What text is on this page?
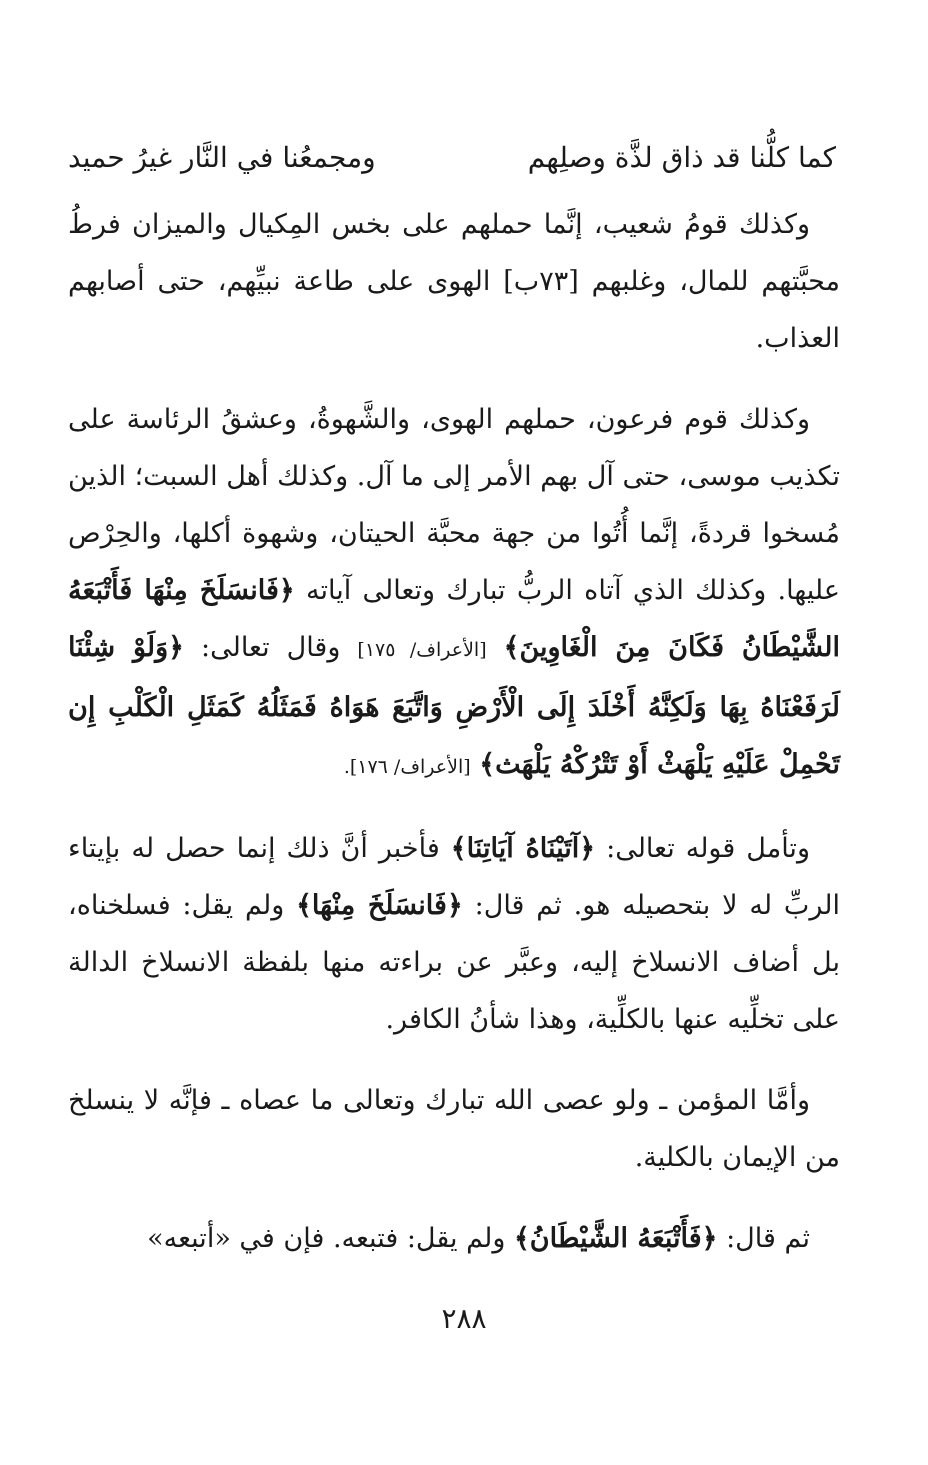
كما كلُّنا قد ذاق لذَّة وصلِهم
ومجمعُنا في النَّار غيرُ حميد

وكذلك قومُ شعيب، إنَّما حملهم على بخس المِكيال والميزان فرطُ محبَّتهم للمال، وغلبهم [٧٣ب] الهوى على طاعة نبيِّهم، حتى أصابهم العذاب.

وكذلك قوم فرعون، حملهم الهوى، والشَّهوةُ، وعشقُ الرئاسة على تكذيب موسى، حتى آل بهم الأمر إلى ما آل. وكذلك أهل السبت؛ الذين مُسخوا قردةً، إنَّما أُتُوا من جهة محبَّة الحيتان، وشهوة أكلها، والحِرْص عليها. وكذلك الذي آتاه الربُّ تبارك وتعالى آياته ﴿فَانسَلَخَ مِنْهَا فَأَتْبَعَهُ الشَّيْطَانُ فَكَانَ مِنَ الْغَاوِينَ﴾ [الأعراف/ ١٧٥] وقال تعالى: ﴿وَلَوْ شِئْنَا لَرَفَعْنَاهُ بِهَا وَلَكِنَّهُ أَخْلَدَ إِلَى الْأَرْضِ وَاتَّبَعَ هَوَاهُ فَمَثَلُهُ كَمَثَلِ الْكَلْبِ إِن تَحْمِلْ عَلَيْهِ يَلْهَثْ أَوْ تَتْرُكْهُ يَلْهَث﴾ [الأعراف/ ١٧٦].

وتأمل قوله تعالى: ﴿آتَيْنَاهُ آيَاتِنَا﴾ فأخبر أنَّ ذلك إنما حصل له بإيتاء الربِّ له لا بتحصيله هو. ثم قال: ﴿فَانسَلَخَ مِنْهَا﴾ ولم يقل: فسلخناه، بل أضاف الانسلاخ إليه، وعبَّر عن براءته منها بلفظة الانسلاخ الدالة على تخلِّيه عنها بالكلِّية، وهذا شأنُ الكافر.

وأمَّا المؤمن ـ ولو عصى الله تبارك وتعالى ما عصاه ـ فإنَّه لا ينسلخ من الإيمان بالكلية.

ثم قال: ﴿فَأَتْبَعَهُ الشَّيْطَانُ﴾ ولم يقل: فتبعه. فإن في «أتبعه»

٢٨٨
